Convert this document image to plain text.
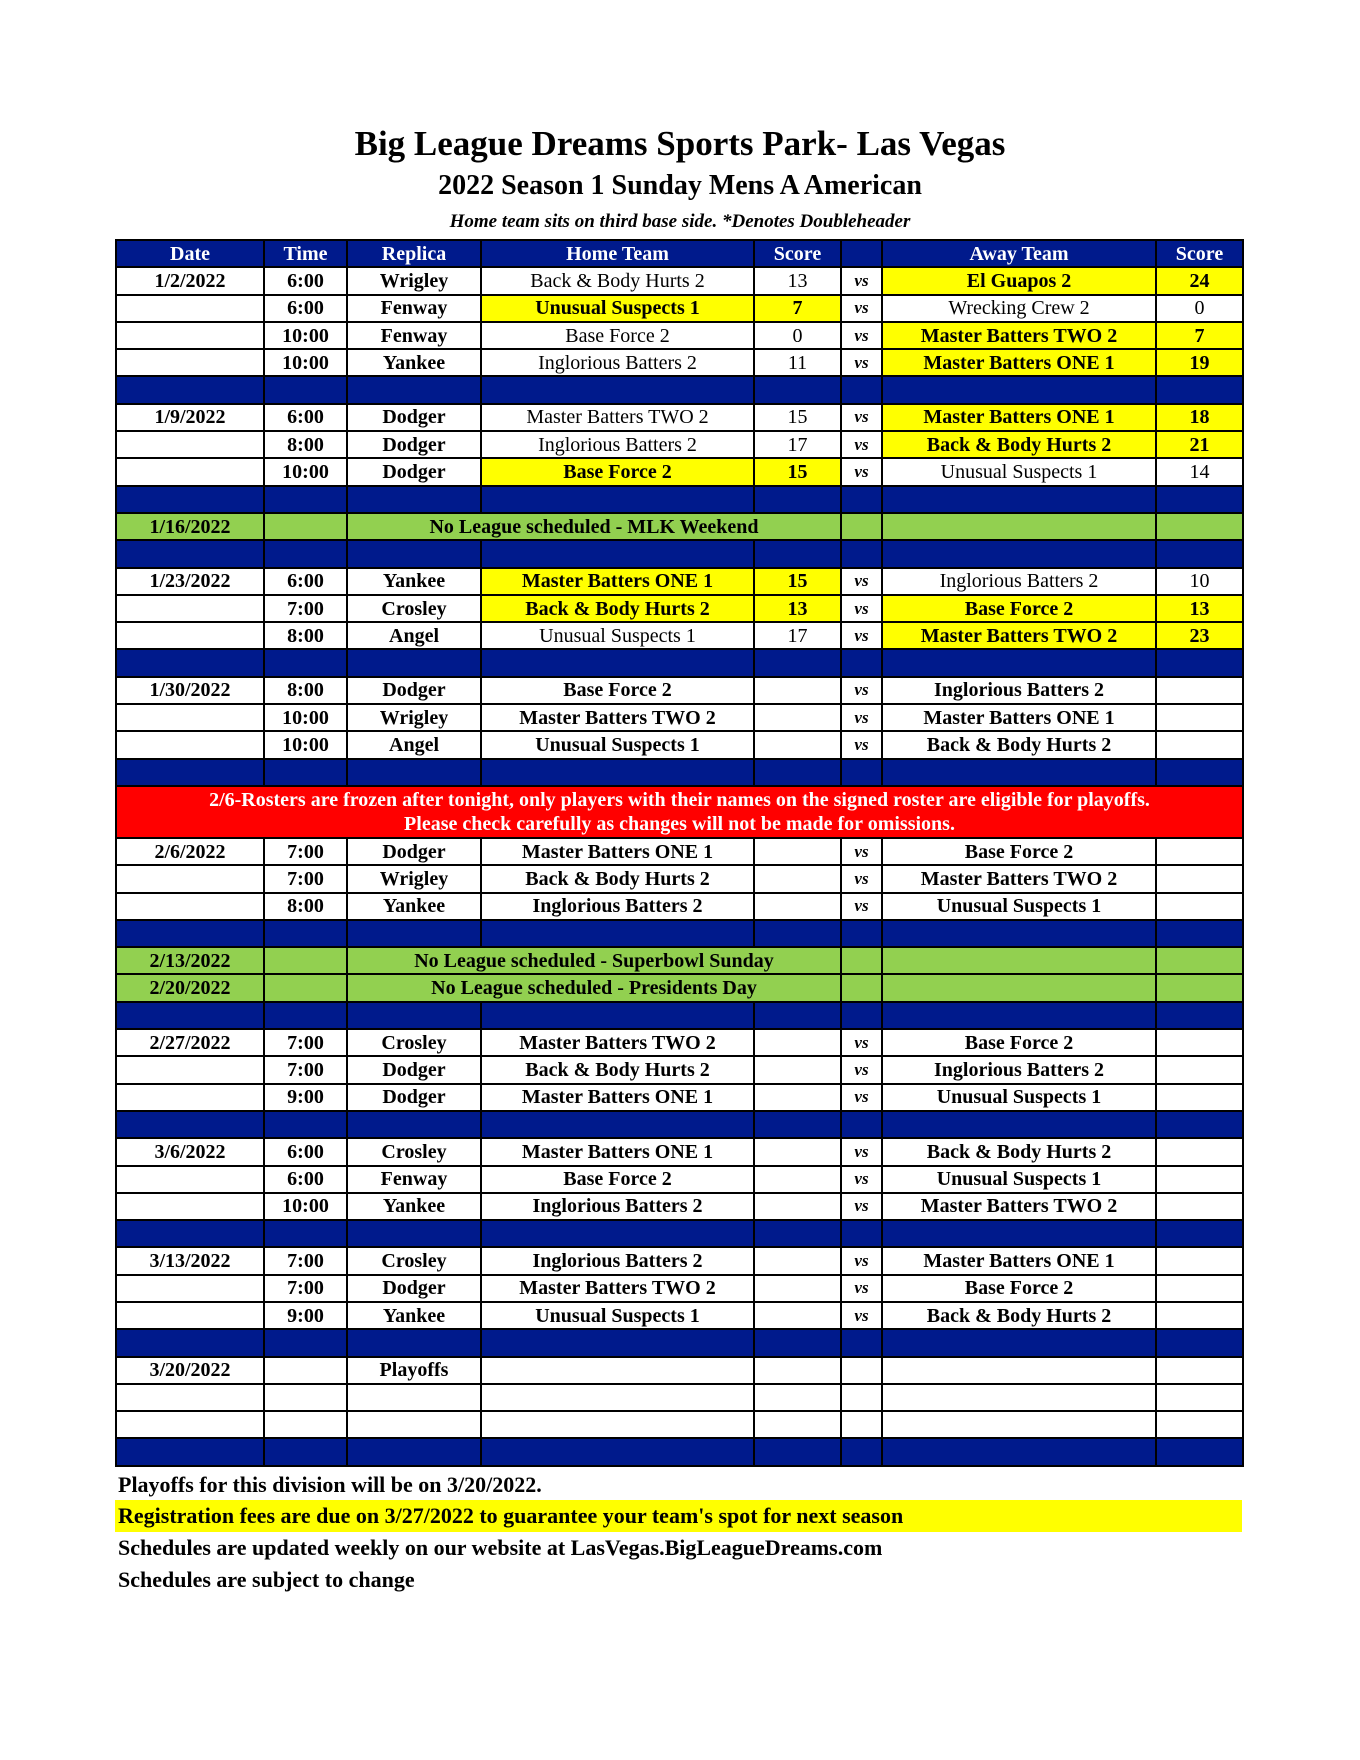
Big League Dreams Sports Park- Las Vegas
2022 Season 1 Sunday Mens A American
Home team sits on third base side. *Denotes Doubleheader
Date	Time	Replica	Home Team	Score		Away Team	Score
1/2/2022	6:00	Wrigley	Back & Body Hurts 2	13	vs	El Guapos 2	24
	6:00	Fenway	Unusual Suspects 1	7	vs	Wrecking Crew 2	0
	10:00	Fenway	Base Force 2	0	vs	Master Batters TWO 2	7
	10:00	Yankee	Inglorious Batters 2	11	vs	Master Batters ONE 1	19

1/9/2022	6:00	Dodger	Master Batters TWO 2	15	vs	Master Batters ONE 1	18
	8:00	Dodger	Inglorious Batters 2	17	vs	Back & Body Hurts 2	21
	10:00	Dodger	Base Force 2	15	vs	Unusual Suspects 1	14

1/16/2022		No League scheduled - MLK Weekend					

1/23/2022	6:00	Yankee	Master Batters ONE 1	15	vs	Inglorious Batters 2	10
	7:00	Crosley	Back & Body Hurts 2	13	vs	Base Force 2	13
	8:00	Angel	Unusual Suspects 1	17	vs	Master Batters TWO 2	23

1/30/2022	8:00	Dodger	Base Force 2		vs	Inglorious Batters 2	
	10:00	Wrigley	Master Batters TWO 2		vs	Master Batters ONE 1	
	10:00	Angel	Unusual Suspects 1		vs	Back & Body Hurts 2	

2/6-Rosters are frozen after tonight, only players with their names on the signed roster are eligible for playoffs.
Please check carefully as changes will not be made for omissions.							

2/6/2022	7:00	Dodger	Master Batters ONE 1		vs	Base Force 2	
	7:00	Wrigley	Back & Body Hurts 2		vs	Master Batters TWO 2	
	8:00	Yankee	Inglorious Batters 2		vs	Unusual Suspects 1	

2/13/2022		No League scheduled - Superbowl Sunday					
2/20/2022		No League scheduled - Presidents Day					

2/27/2022	7:00	Crosley	Master Batters TWO 2		vs	Base Force 2	
	7:00	Dodger	Back & Body Hurts 2		vs	Inglorious Batters 2	
	9:00	Dodger	Master Batters ONE 1		vs	Unusual Suspects 1	

3/6/2022	6:00	Crosley	Master Batters ONE 1		vs	Back & Body Hurts 2	
	6:00	Fenway	Base Force 2		vs	Unusual Suspects 1	
	10:00	Yankee	Inglorious Batters 2		vs	Master Batters TWO 2	

3/13/2022	7:00	Crosley	Inglorious Batters 2		vs	Master Batters ONE 1	
	7:00	Dodger	Master Batters TWO 2		vs	Base Force 2	
	9:00	Yankee	Unusual Suspects 1		vs	Back & Body Hurts 2	

3/20/2022		Playoffs					

Playoffs for this division will be on 3/20/2022.
Registration fees are due on 3/27/2022 to guarantee your team's spot for next season
Schedules are updated weekly on our website at LasVegas.BigLeagueDreams.com
Schedules are subject to change
